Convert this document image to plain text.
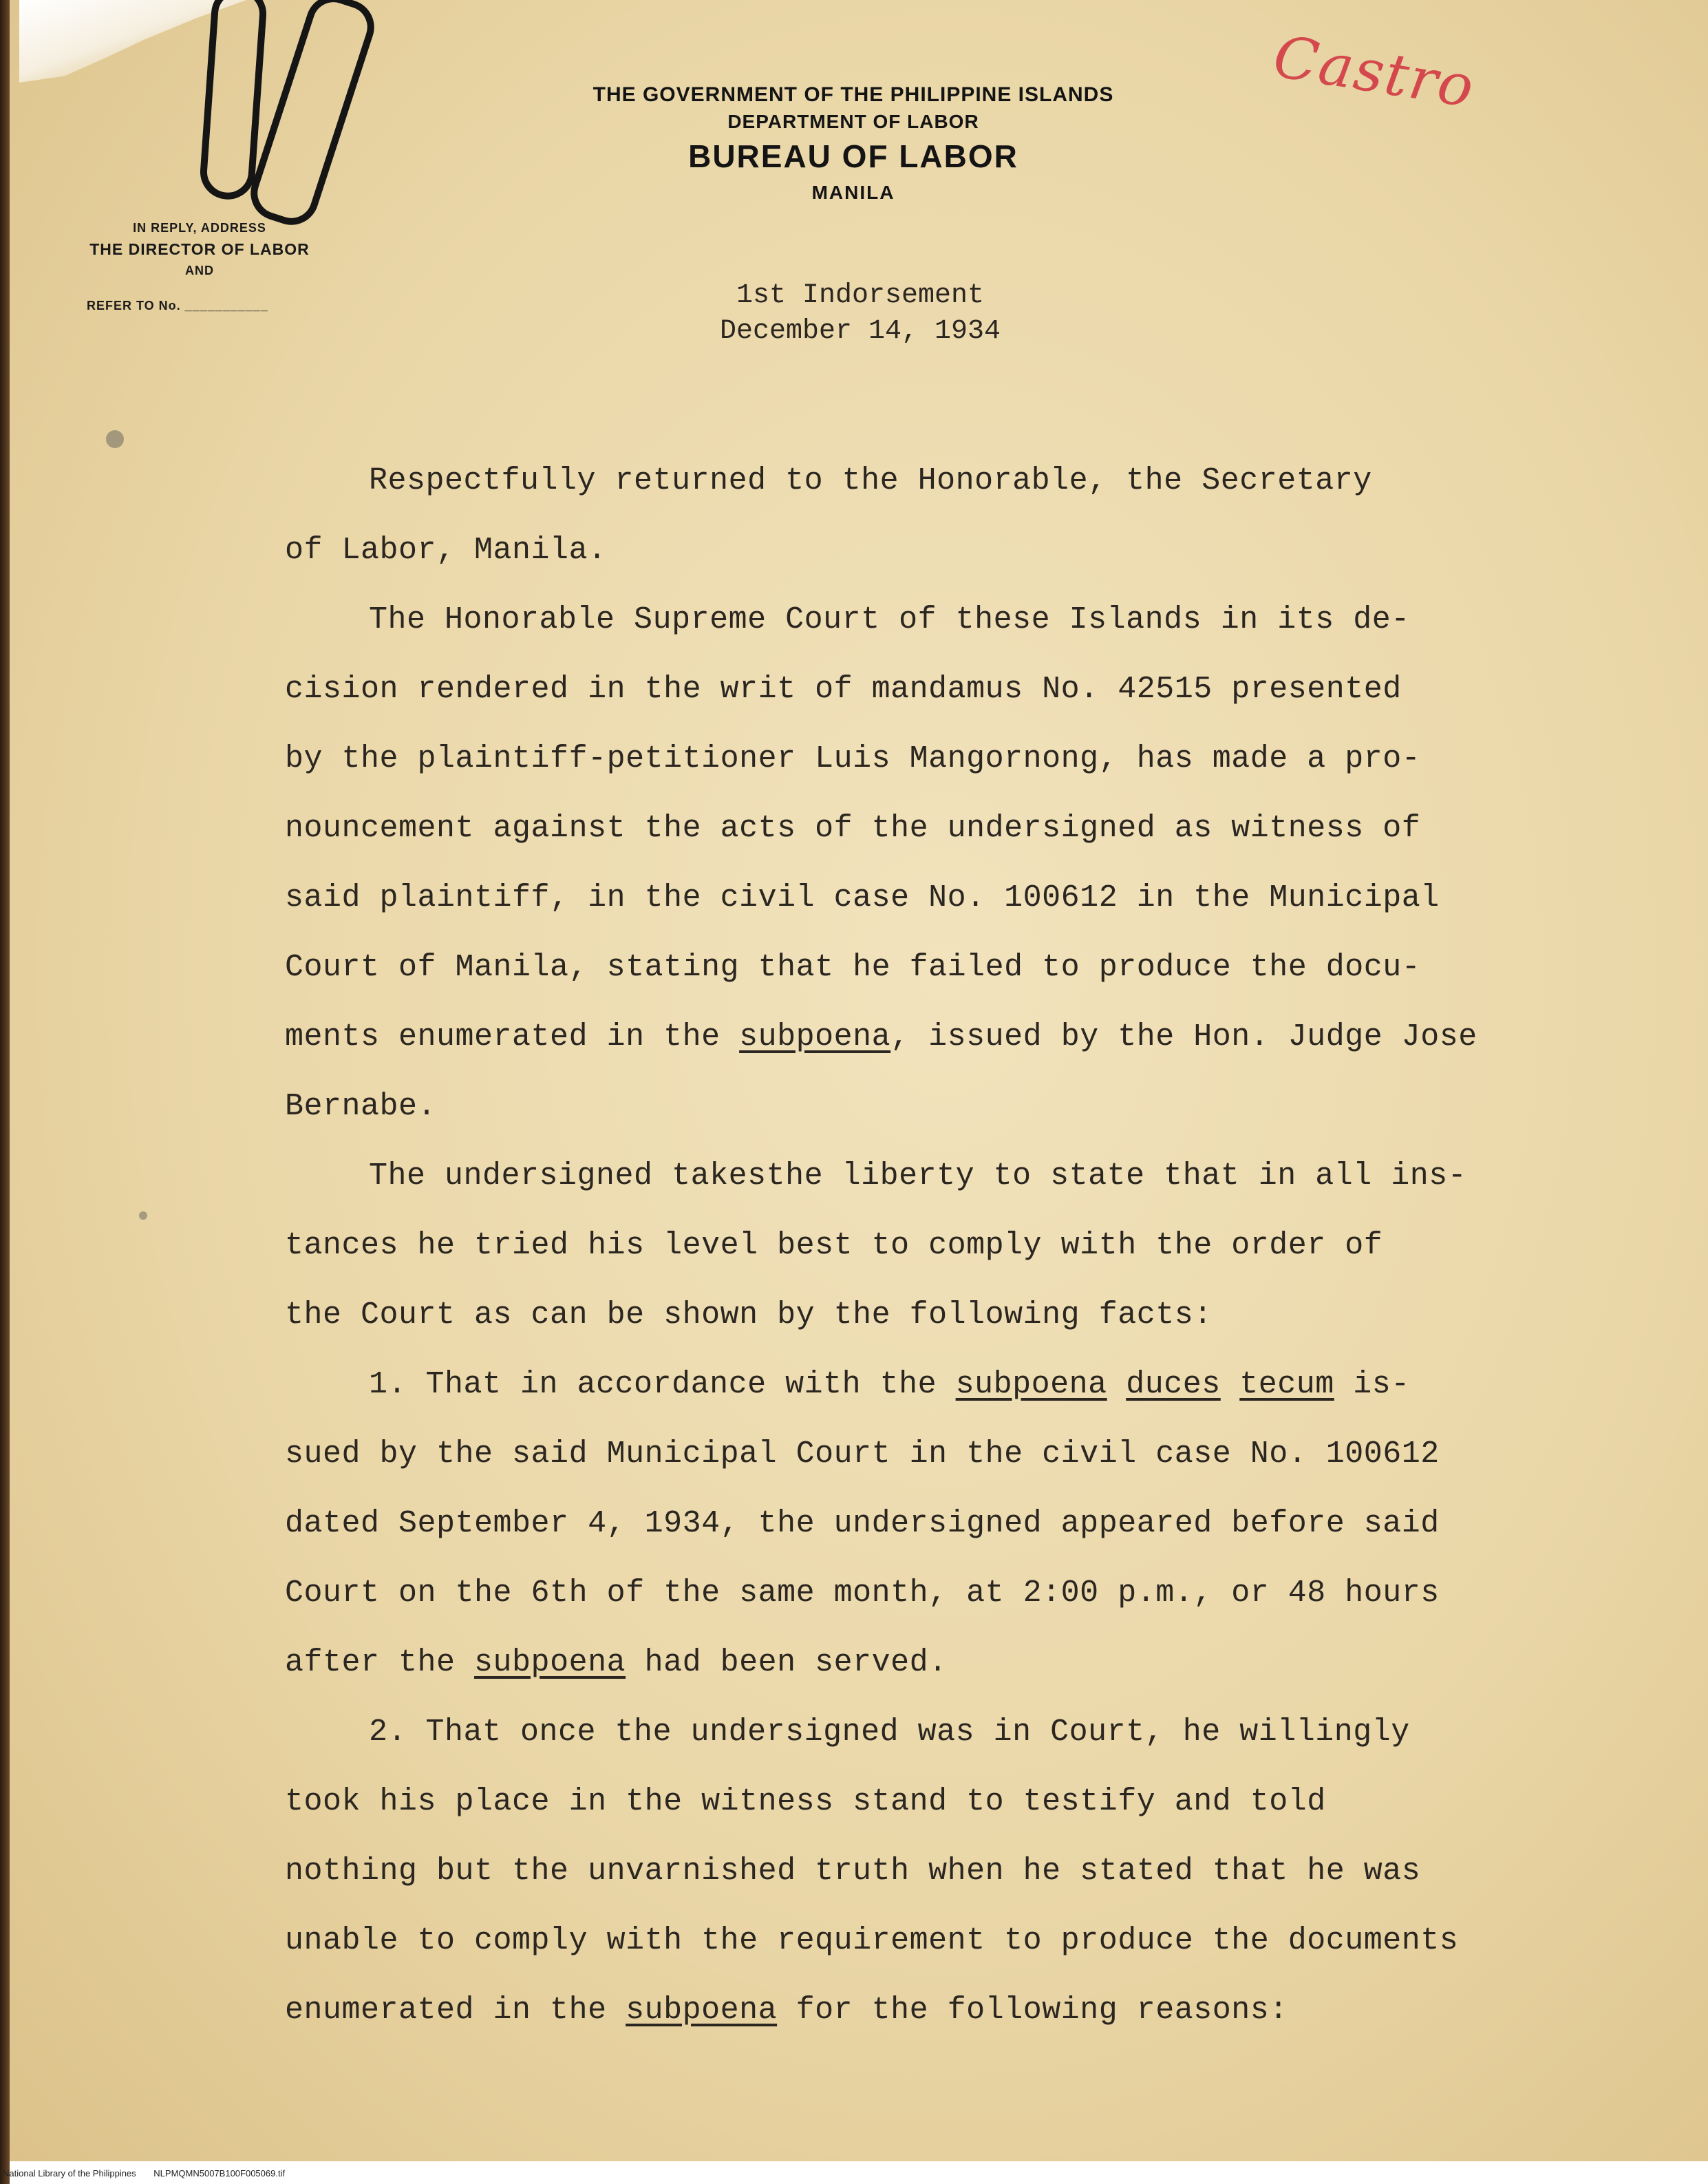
Castro
THE GOVERNMENT OF THE PHILIPPINE ISLANDS
DEPARTMENT OF LABOR
BUREAU OF LABOR
MANILA
IN REPLY, ADDRESS
THE DIRECTOR OF LABOR
AND
REFER TO No. ___________	1st Indorsement
December 14, 1934

Respectfully returned to the Honorable, the Secretary

of Labor, Manila.

The Honorable Supreme Court of these Islands in its de-

cision rendered in the writ of mandamus No. 42515 presented

by the plaintiff-petitioner Luis Mangornong, has made a pro-

nouncement against the acts of the undersigned as witness of

said plaintiff, in the civil case No. 100612 in the Municipal

Court of Manila, stating that he failed to produce the docu-

ments enumerated in the subpoena, issued by the Hon. Judge Jose

Bernabe.

The undersigned takesthe liberty to state that in all ins-

tances he tried his level best to comply with the order of

the Court as can be shown by the following facts:

1. That in accordance with the subpoena duces tecum is-

sued by the said Municipal Court in the civil case No. 100612

dated September 4, 1934, the undersigned appeared before said

Court on the 6th of the same month, at 2:00 p.m., or 48 hours

after the subpoena had been served.

2. That once the undersigned was in Court, he willingly

took his place in the witness stand to testify and told

nothing but the unvarnished truth when he stated that he was

unable to comply with the requirement to produce the documents

enumerated in the subpoena for the following reasons:

National Library of the Philippines NLPMQMN5007B100F005069.tif
